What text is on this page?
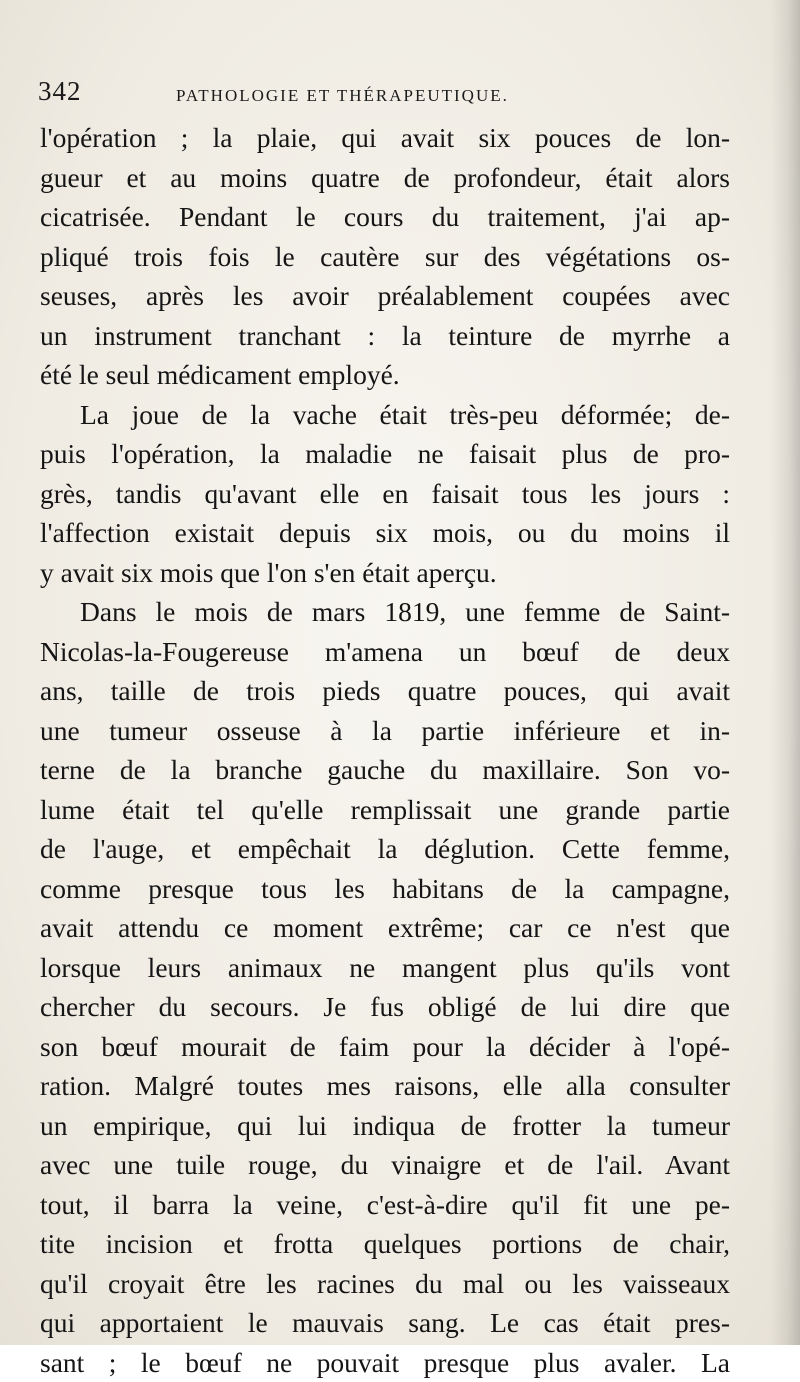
342	PATHOLOGIE ET THÉRAPEUTIQUE.
l'opération ; la plaie, qui avait six pouces de lon-
gueur et au moins quatre de profondeur, était alors
cicatrisée. Pendant le cours du traitement, j'ai ap-
pliqué trois fois le cautère sur des végétations os-
seuses, après les avoir préalablement coupées avec
un instrument tranchant : la teinture de myrrhe a
été le seul médicament employé.
La joue de la vache était très-peu déformée; de-
puis l'opération, la maladie ne faisait plus de pro-
grès, tandis qu'avant elle en faisait tous les jours :
l'affection existait depuis six mois, ou du moins il
y avait six mois que l'on s'en était aperçu.
Dans le mois de mars 1819, une femme de Saint-
Nicolas-la-Fougereuse m'amena un bœuf de deux
ans, taille de trois pieds quatre pouces, qui avait
une tumeur osseuse à la partie inférieure et in-
terne de la branche gauche du maxillaire. Son vo-
lume était tel qu'elle remplissait une grande partie
de l'auge, et empêchait la déglution. Cette femme,
comme presque tous les habitans de la campagne,
avait attendu ce moment extrême; car ce n'est que
lorsque leurs animaux ne mangent plus qu'ils vont
chercher du secours. Je fus obligé de lui dire que
son bœuf mourait de faim pour la décider à l'opé-
ration. Malgré toutes mes raisons, elle alla consulter
un empirique, qui lui indiqua de frotter la tumeur
avec une tuile rouge, du vinaigre et de l'ail. Avant
tout, il barra la veine, c'est-à-dire qu'il fit une pe-
tite incision et frotta quelques portions de chair,
qu'il croyait être les racines du mal ou les vaisseaux
qui apportaient le mauvais sang. Le cas était pres-
sant ; le bœuf ne pouvait presque plus avaler. La
